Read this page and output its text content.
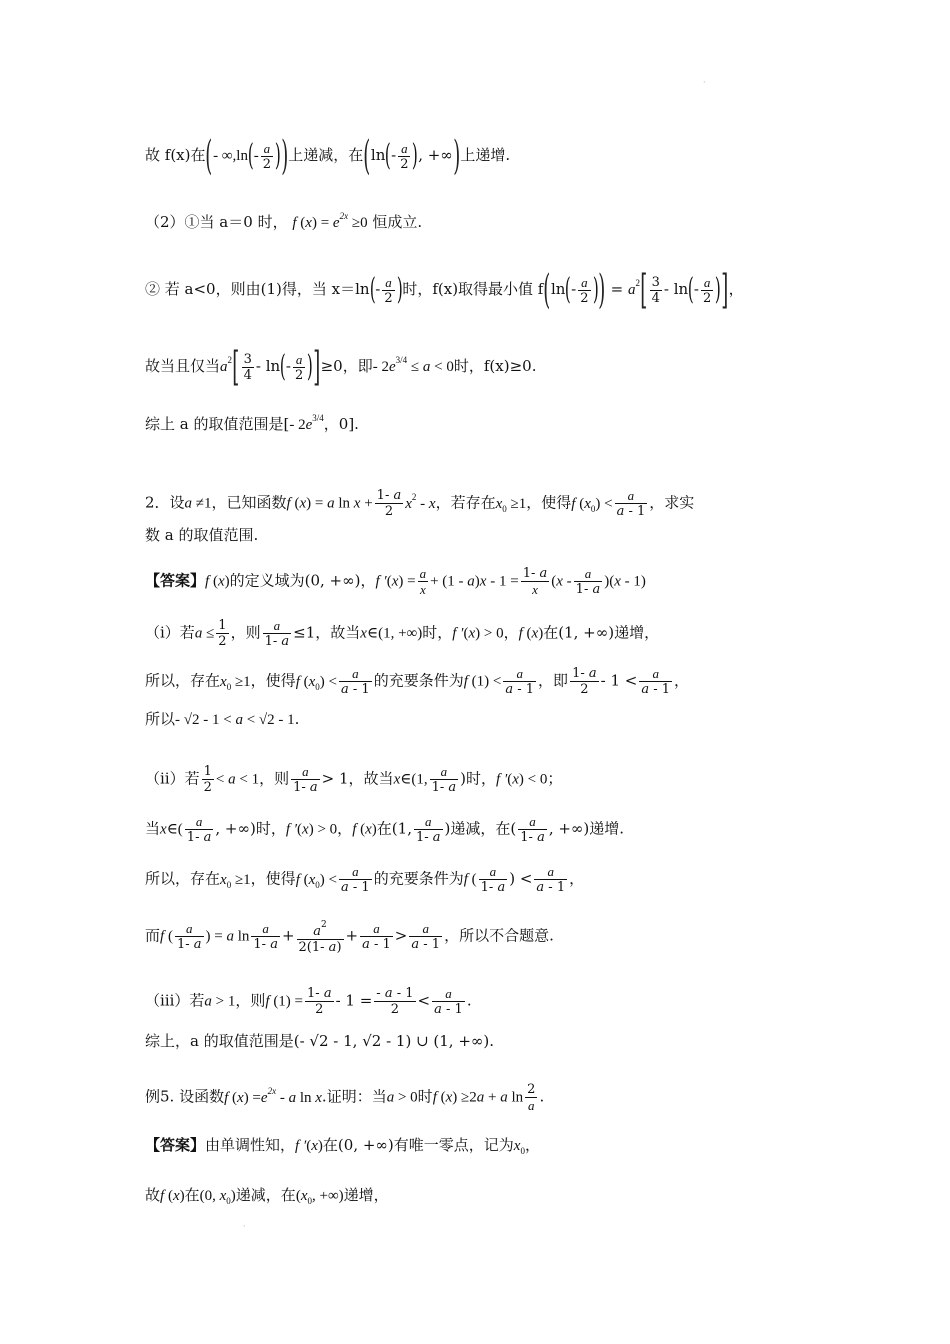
·
故 f(x)在(- $\infty,\ln(- \frac{a}{2}$ ))上递减，在($\ln(- \frac{a}{2}$ ), +∞)上递增.
（2）①当 a＝0 时， f $(x) = e^{2x} \ge 0$ 恒成立.
② 若 a<0，则由(1)得，当 $x=\ln(- \frac{a}{2}$ )时，f(x)取得最小值 $f(\ln(- \frac{a}{2}$ )) = $a^2[ \frac{3}{4} - \ln(- \frac{a}{2}$ )]，
故当且仅当$a^2[ \frac{3}{4} - \ln(- \frac{a}{2} )]\ge 0$，即- $2e^{3/4} \le a < 0$时，f(x)≥0.
综上 a 的取值范围是[- $2e^{3/4}$，0].
2．设a ≠1，已知函数f (x) = a $\ln x + \frac{1- a}{2} x^2 - x$，若存在$x_0 \ge 1$，使得f $(x_0) < \frac{a}{a - 1}$ ，求实
数 a 的取值范围.
【答案】f (x)的定义域为(0, +∞)，f $'(x) = \frac{a}{x} + (1 - a)x - 1 = \frac{1- a}{x} (x - \frac{a}{1- a} )(x - 1)$
（ⅰ）若$a \le \frac{1}{2}$ ，则 $\frac{a}{1- a} \le 1$，故当x∈(1, +∞)时，f ′(x) > 0，f (x)在(1, +∞)递增，
所以，存在$x_0 \ge 1$，使得f $(x_0) < \frac{a}{a - 1}$ 的充要条件为f $(1) < \frac{a}{a - 1}$ ，即 $\frac{1- a}{2} - 1 < \frac{a}{a - 1}$ ，
所以- √2 - 1 < a < √2 - 1.
（ⅱ）若 $\frac{1}{2} < a < 1$，则 $\frac{a}{1- a} > 1$，故当x∈(1, $\frac{a}{1- a}$ )时，f ′(x) < 0；
当x∈( $\frac{a}{1- a}$ , +∞)时，f ′(x) > 0，f (x)在(1, $\frac{a}{1- a}$ )递减，在( $\frac{a}{1- a}$ , +∞)递增.
所以，存在$x_0 \ge 1$，使得f $(x_0) < \frac{a}{a - 1}$ 的充要条件为f ( $\frac{a}{1- a}$ ) < $\frac{a}{a - 1}$ ，
而f ( $\frac{a}{1- a}$ ) = a $\ln \frac{a}{1- a} + \frac{a^2}{2(1- a)} + \frac{a}{a - 1} > \frac{a}{a - 1}$ ，所以不合题意.
（ⅲ）若a > 1，则f $(1) = \frac{1- a}{2} - 1 = \frac{- a - 1}{2} < \frac{a}{a - 1}$ .
综上，a 的取值范围是(- √2 - 1, √2 - 1) ∪ (1, +∞).
例5. 设函数f $(x) =e^{2x} - a$ ln x.证明：当a > 0时f (x) ≥2a + a $\ln \frac{2}{a}$ .
【答案】由单调性知，f ′(x)在(0, +∞)有唯一零点，记为$x_0$，
故f (x)在(0, $x_0$)递减，在($x_0$, +∞)递增，
·
